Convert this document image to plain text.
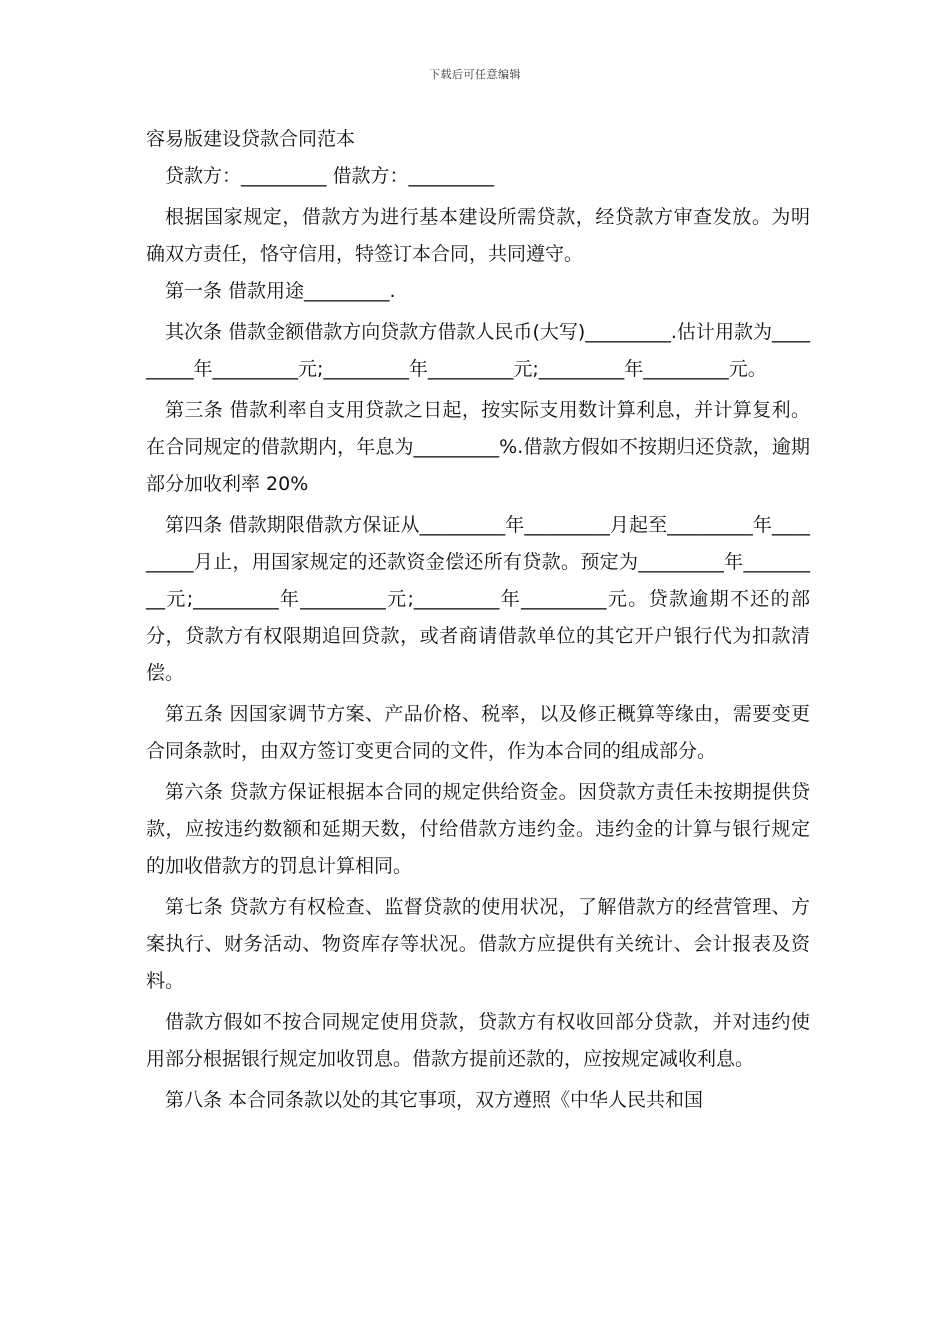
下载后可任意编辑

容易版建设贷款合同范本

贷款方：_________ 借款方：_________

根据国家规定，借款方为进行基本建设所需贷款，经贷款方审查发放。为明确双方责任，恪守信用，特签订本合同，共同遵守。

第一条 借款用途_________.

其次条 借款金额借款方向贷款方借款人民币(大写)_________.估计用款为_________年_________元;_________年_________元;_________年_________元。

第三条 借款利率自支用贷款之日起，按实际支用数计算利息，并计算复利。在合同规定的借款期内，年息为_________%.借款方假如不按期归还贷款，逾期部分加收利率 20%

第四条 借款期限借款方保证从_________年_________月起至_________年_________月止，用国家规定的还款资金偿还所有贷款。预定为_________年_________元;_________年_________元;_________年_________元。贷款逾期不还的部分，贷款方有权限期追回贷款，或者商请借款单位的其它开户银行代为扣款清偿。

第五条 因国家调节方案、产品价格、税率，以及修正概算等缘由，需要变更合同条款时，由双方签订变更合同的文件，作为本合同的组成部分。

第六条 贷款方保证根据本合同的规定供给资金。因贷款方责任未按期提供贷款，应按违约数额和延期天数，付给借款方违约金。违约金的计算与银行规定的加收借款方的罚息计算相同。

第七条 贷款方有权检查、监督贷款的使用状况，了解借款方的经营管理、方案执行、财务活动、物资库存等状况。借款方应提供有关统计、会计报表及资料。

借款方假如不按合同规定使用贷款，贷款方有权收回部分贷款，并对违约使用部分根据银行规定加收罚息。借款方提前还款的，应按规定减收利息。

第八条 本合同条款以处的其它事项，双方遵照《中华人民共和国
